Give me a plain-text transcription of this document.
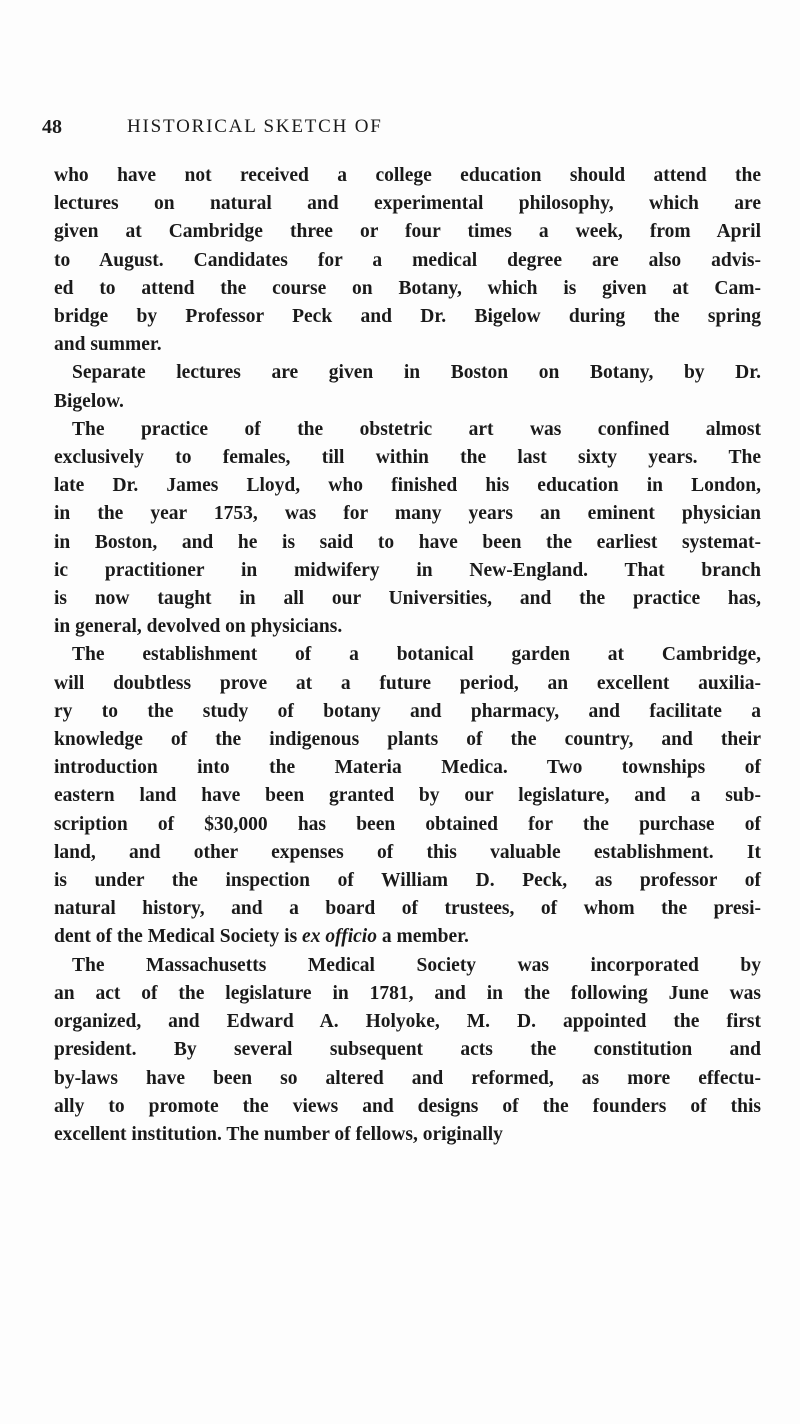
48	HISTORICAL SKETCH OF

who have not received a college education should attend the
lectures on natural and experimental philosophy, which are
given at Cambridge three or four times a week, from April
to August. Candidates for a medical degree are also advis-
ed to attend the course on Botany, which is given at Cam-
bridge by Professor Peck and Dr. Bigelow during the spring
and summer.

Separate lectures are given in Boston on Botany, by Dr.
Bigelow.

The practice of the obstetric art was confined almost
exclusively to females, till within the last sixty years. The
late Dr. James Lloyd, who finished his education in London,
in the year 1753, was for many years an eminent physician
in Boston, and he is said to have been the earliest systemat-
ic practitioner in midwifery in New-England. That branch
is now taught in all our Universities, and the practice has,
in general, devolved on physicians.

The establishment of a botanical garden at Cambridge,
will doubtless prove at a future period, an excellent auxilia-
ry to the study of botany and pharmacy, and facilitate a
knowledge of the indigenous plants of the country, and their
introduction into the Materia Medica. Two townships of
eastern land have been granted by our legislature, and a sub-
scription of $30,000 has been obtained for the purchase of
land, and other expenses of this valuable establishment. It
is under the inspection of William D. Peck, as professor of
natural history, and a board of trustees, of whom the presi-
dent of the Medical Society is ex officio a member.

The Massachusetts Medical Society was incorporated by
an act of the legislature in 1781, and in the following June was
organized, and Edward A. Holyoke, M. D. appointed the first
president. By several subsequent acts the constitution and
by-laws have been so altered and reformed, as more effectu-
ally to promote the views and designs of the founders of this
excellent institution. The number of fellows, originally
